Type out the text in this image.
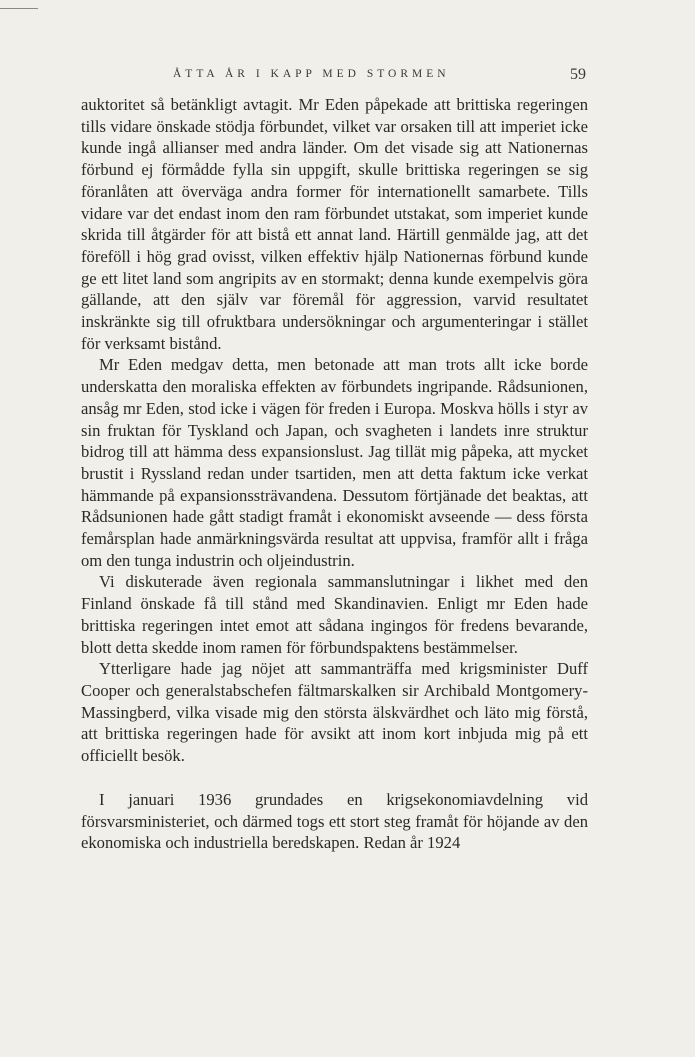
ÅTTA ÅR I KAPP MED STORMEN	59

auktoritet så betänkligt avtagit. Mr Eden påpekade att brittiska regeringen tills vidare önskade stödja förbundet, vilket var orsaken till att imperiet icke kunde ingå allianser med andra länder. Om det visade sig att Nationernas förbund ej förmådde fylla sin uppgift, skulle brittiska regeringen se sig föranlåten att överväga andra former för internationellt samarbete. Tills vidare var det endast inom den ram förbundet utstakat, som imperiet kunde skrida till åtgärder för att bistå ett annat land. Härtill genmälde jag, att det föreföll i hög grad ovisst, vilken effektiv hjälp Nationernas förbund kunde ge ett litet land som angripits av en stormakt; denna kunde exempelvis göra gällande, att den själv var föremål för aggression, varvid resultatet inskränkte sig till ofruktbara undersökningar och argumenteringar i stället för verksamt bistånd.

Mr Eden medgav detta, men betonade att man trots allt icke borde underskatta den moraliska effekten av förbundets ingripande. Rådsunionen, ansåg mr Eden, stod icke i vägen för freden i Europa. Moskva hölls i styr av sin fruktan för Tyskland och Japan, och svagheten i landets inre struktur bidrog till att hämma dess expansionslust. Jag tillät mig påpeka, att mycket brustit i Ryssland redan under tsartiden, men att detta faktum icke verkat hämmande på expansionssträvandena. Dessutom förtjänade det beaktas, att Rådsunionen hade gått stadigt framåt i ekonomiskt avseende — dess första femårsplan hade anmärkningsvärda resultat att uppvisa, framför allt i fråga om den tunga industrin och oljeindustrin.

Vi diskuterade även regionala sammanslutningar i likhet med den Finland önskade få till stånd med Skandinavien. Enligt mr Eden hade brittiska regeringen intet emot att sådana ingingos för fredens bevarande, blott detta skedde inom ramen för förbundspaktens bestämmelser.

Ytterligare hade jag nöjet att sammanträffa med krigsminister Duff Cooper och generalstabschefen fältmarskalken sir Archibald Montgomery-Massingberd, vilka visade mig den största älskvärdhet och läto mig förstå, att brittiska regeringen hade för avsikt att inom kort inbjuda mig på ett officiellt besök.

I januari 1936 grundades en krigsekonomiavdelning vid försvarsministeriet, och därmed togs ett stort steg framåt för höjande av den ekonomiska och industriella beredskapen. Redan år 1924
